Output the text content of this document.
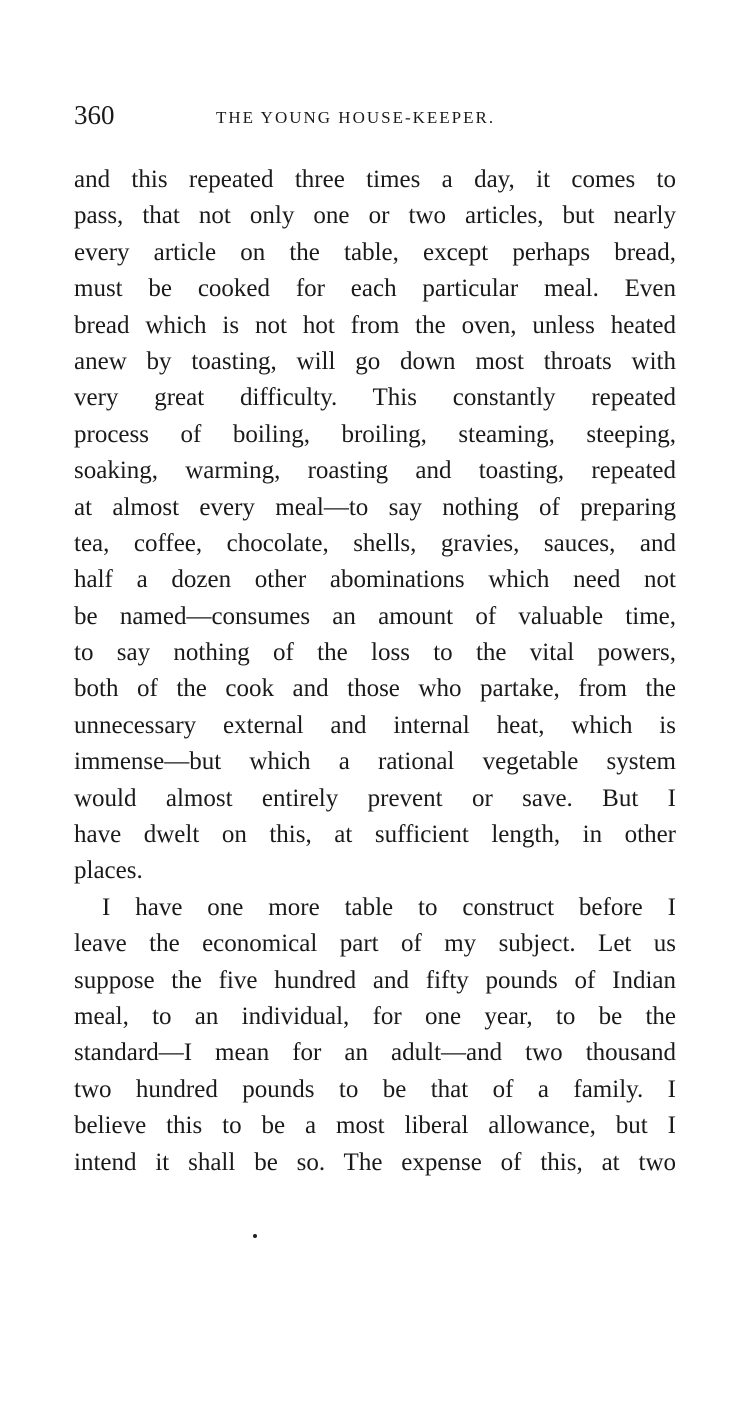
360	THE YOUNG HOUSE-KEEPER.
and this repeated three times a day, it comes to
pass, that not only one or two articles, but nearly
every article on the table, except perhaps bread,
must be cooked for each particular meal. Even
bread which is not hot from the oven, unless heated
anew by toasting, will go down most throats with
very great difficulty. This constantly repeated
process of boiling, broiling, steaming, steeping,
soaking, warming, roasting and toasting, repeated
at almost every meal—to say nothing of preparing
tea, coffee, chocolate, shells, gravies, sauces, and
half a dozen other abominations which need not
be named—consumes an amount of valuable time,
to say nothing of the loss to the vital powers,
both of the cook and those who partake, from the
unnecessary external and internal heat, which is
immense—but which a rational vegetable system
would almost entirely prevent or save. But I
have dwelt on this, at sufficient length, in other
places.
I have one more table to construct before I
leave the economical part of my subject. Let us
suppose the five hundred and fifty pounds of Indian
meal, to an individual, for one year, to be the
standard—I mean for an adult—and two thousand
two hundred pounds to be that of a family. I
believe this to be a most liberal allowance, but I
intend it shall be so. The expense of this, at two
